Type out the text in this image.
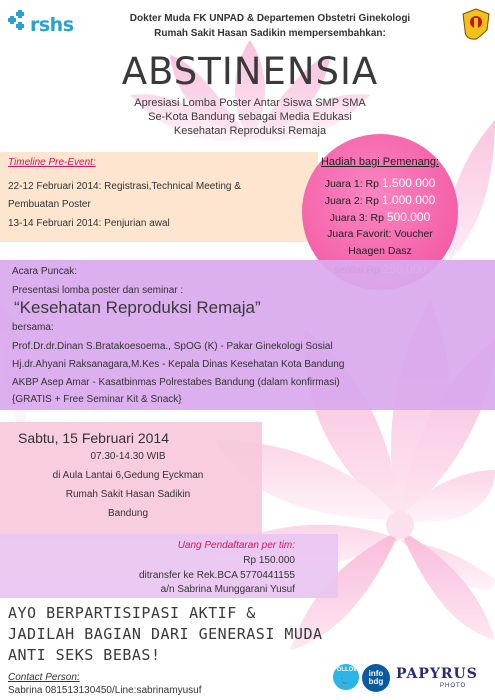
rshs	Dokter Muda FK UNPAD & Departemen Obstetri Ginekologi
Rumah Sakit Hasan Sadikin mempersembahkan:
ABSTINENSIA
Apresiasi Lomba Poster Antar Siswa SMP SMA
Se-Kota Bandung sebagai Media Edukasi
Kesehatan Reproduksi Remaja
Timeline Pre-Event:
22-12 Februari 2014: Registrasi,Technical Meeting &
Pembuatan Poster
13-14 Februari 2014: Penjurian awal
Hadiah bagi Pemenang:
Juara 1: Rp 1.500.000
Juara 2: Rp 1.000.000
Juara 3: Rp 500.000
Juara Favorit: Voucher
Haagen Dasz
Acara Puncak:
Presentasi lomba poster dan seminar :
“Kesehatan Reproduksi Remaja”
bersama:
Prof.Dr.dr.Dinan S.Bratakoesoema., SpOG (K) - Pakar Ginekologi Sosial
Hj.dr.Ahyani Raksanagara,M.Kes - Kepala Dinas Kesehatan Kota Bandung
AKBP Asep Amar - Kasatbinmas Polrestabes Bandung (dalam konfirmasi)
{GRATIS + Free Seminar Kit & Snack}
Sabtu, 15 Februari 2014
07.30-14.30 WIB
di Aula Lantai 6,Gedung Eyckman
Rumah Sakit Hasan Sadikin
Bandung
Uang Pendaftaran per tim:
Rp 150.000
ditransfer ke Rek.BCA 5770441155
a/n Sabrina Munggarani Yusuf
AYO BERPARTISIPASI AKTIF &
JADILAH BAGIAN DARI GENERASI MUDA
ANTI SEKS BEBAS!
Contact Person:
Sabrina 081513130450/Line:sabrinamyusuf
FOLLOW
🐦
info
bdg PAPYRUS
PHOTO
